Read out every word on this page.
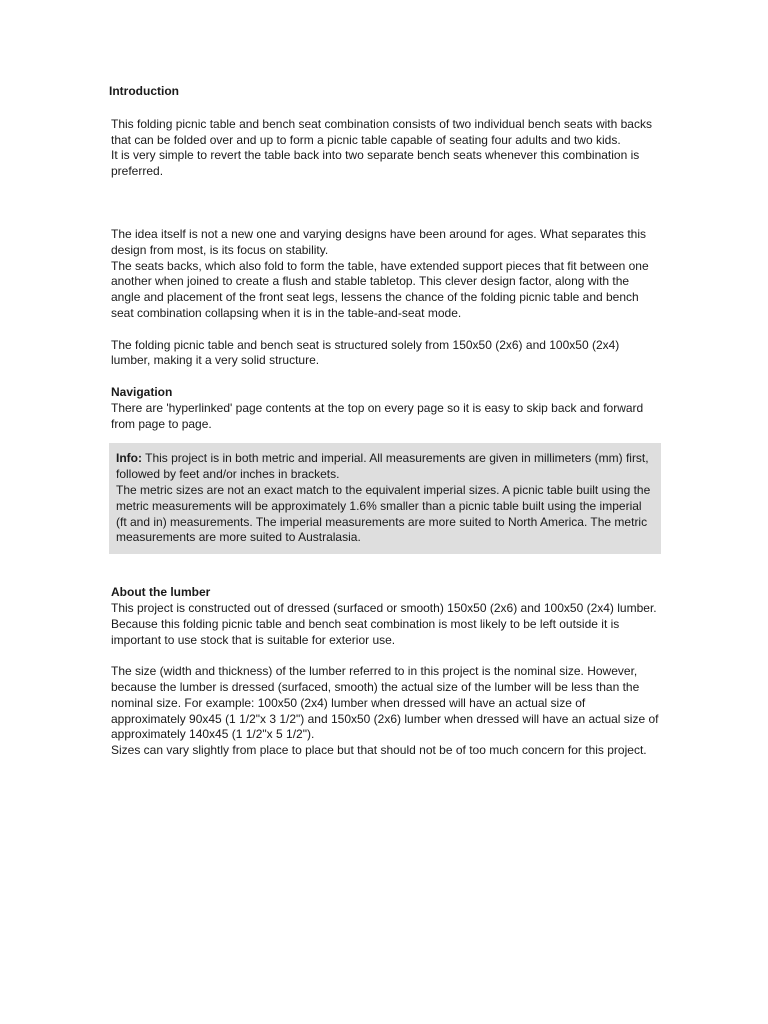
Introduction

This folding picnic table and bench seat combination consists of two individual bench seats with backs that can be folded over and up to form a picnic table capable of seating four adults and two kids.

It is very simple to revert the table back into two separate bench seats whenever this combination is preferred.

The idea itself is not a new one and varying designs have been around for ages. What separates this design from most, is its focus on stability.

The seats backs, which also fold to form the table, have extended support pieces that fit between one another when joined to create a flush and stable tabletop. This clever design factor, along with the angle and placement of the front seat legs, lessens the chance of the folding picnic table and bench seat combination collapsing when it is in the table-and-seat mode.

The folding picnic table and bench seat is structured solely from 150x50 (2x6) and 100x50 (2x4) lumber, making it a very solid structure.

Navigation

There are 'hyperlinked' page contents at the top on every page so it is easy to skip back and forward from page to page.

Info: This project is in both metric and imperial. All measurements are given in millimeters (mm) first, followed by feet and/or inches in brackets.

The metric sizes are not an exact match to the equivalent imperial sizes. A picnic table built using the metric measurements will be approximately 1.6% smaller than a picnic table built using the imperial (ft and in) measurements. The imperial measurements are more suited to North America. The metric measurements are more suited to Australasia.

About the lumber

This project is constructed out of dressed (surfaced or smooth) 150x50 (2x6) and 100x50 (2x4) lumber.

Because this folding picnic table and bench seat combination is most likely to be left outside it is important to use stock that is suitable for exterior use.

The size (width and thickness) of the lumber referred to in this project is the nominal size. However, because the lumber is dressed (surfaced, smooth) the actual size of the lumber will be less than the nominal size. For example: 100x50 (2x4) lumber when dressed will have an actual size of approximately 90x45 (1 1/2"x 3 1/2") and 150x50 (2x6) lumber when dressed will have an actual size of approximately 140x45 (1 1/2"x 5 1/2").

Sizes can vary slightly from place to place but that should not be of too much concern for this project.
